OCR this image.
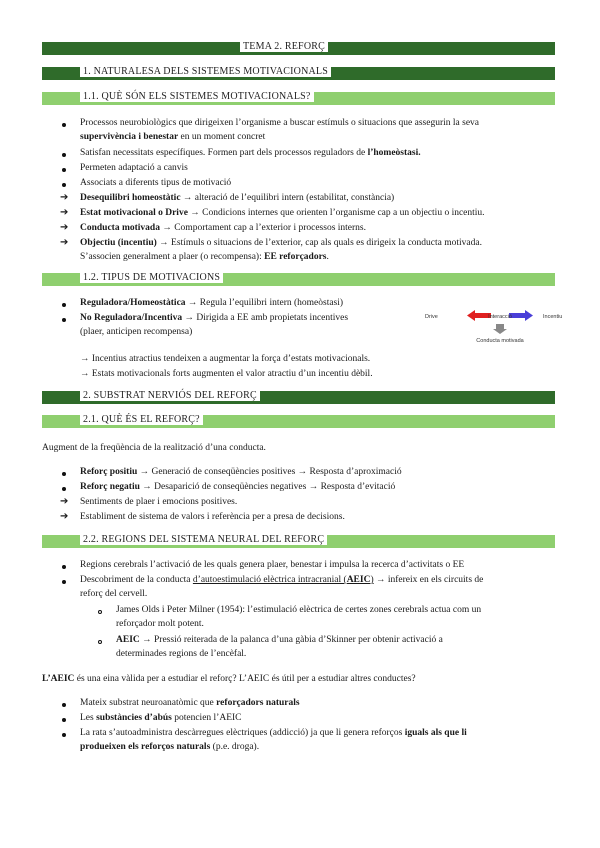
TEMA 2. REFORÇ
1. NATURALESA DELS SISTEMES MOTIVACIONALS
1.1. QUÈ SÓN ELS SISTEMES MOTIVACIONALS?
Processos neurobiològics que dirigeixen l’organisme a buscar estímuls o situacions que assegurin la seva
supervivència i benestar en un moment concret
Satisfan necessitats específiques. Formen part dels processos reguladors de l’homeòstasi.
Permeten adaptació a canvis
Associats a diferents tipus de motivació
➔ Desequilibri homeostàtic → alteració de l’equilibri intern (estabilitat, constància)
➔ Estat motivacional o Drive → Condicions internes que orienten l’organisme cap a un objectiu o incentiu.
➔ Conducta motivada → Comportament cap a l’exterior i processos interns.
➔ Objectiu (incentiu) → Estímuls o situacions de l’exterior, cap als quals es dirigeix la conducta motivada.
S’associen generalment a plaer (o recompensa): EE reforçadors.
1.2. TIPUS DE MOTIVACIONS
Reguladora/Homeostàtica → Regula l’equilibri intern (homeòstasi)
No Reguladora/Incentiva → Dirigida a EE amb propietats incentives
(plaer, anticipen recompensa)
Drive	Interacció	Incentiu
Conducta motivada
→ Incentius atractius tendeixen a augmentar la força d’estats motivacionals.
→ Estats motivacionals forts augmenten el valor atractiu d’un incentiu dèbil.
2. SUBSTRAT NERVIÓS DEL REFORÇ
2.1. QUÈ ÉS EL REFORÇ?
Augment de la freqüència de la realització d’una conducta.
Reforç positiu → Generació de conseqüències positives → Resposta d’aproximació
Reforç negatiu → Desaparició de conseqüències negatives → Resposta d’evitació
➔ Sentiments de plaer i emocions positives.
➔ Establiment de sistema de valors i referència per a presa de decisions.
2.2. REGIONS DEL SISTEMA NEURAL DEL REFORÇ
Regions cerebrals l’activació de les quals genera plaer, benestar i impulsa la recerca d’activitats o EE
Descobriment de la conducta d’autoestimulació elèctrica intracranial (AEIC) → infereix en els circuits de
reforç del cervell.
James Olds i Peter Milner (1954): l’estimulació elèctrica de certes zones cerebrals actua com un
reforçador molt potent.
AEIC → Pressió reiterada de la palanca d’una gàbia d’Skinner per obtenir activació a
determinades regions de l’encèfal.
L’AEIC és una eina vàlida per a estudiar el reforç? L’AEIC és útil per a estudiar altres conductes?
Mateix substrat neuroanatòmic que reforçadors naturals
Les substàncies d’abús potencien l’AEIC
La rata s’autoadministra descàrregues elèctriques (addicció) ja que li genera reforços iguals als que li
produeixen els reforços naturals (p.e. droga).
